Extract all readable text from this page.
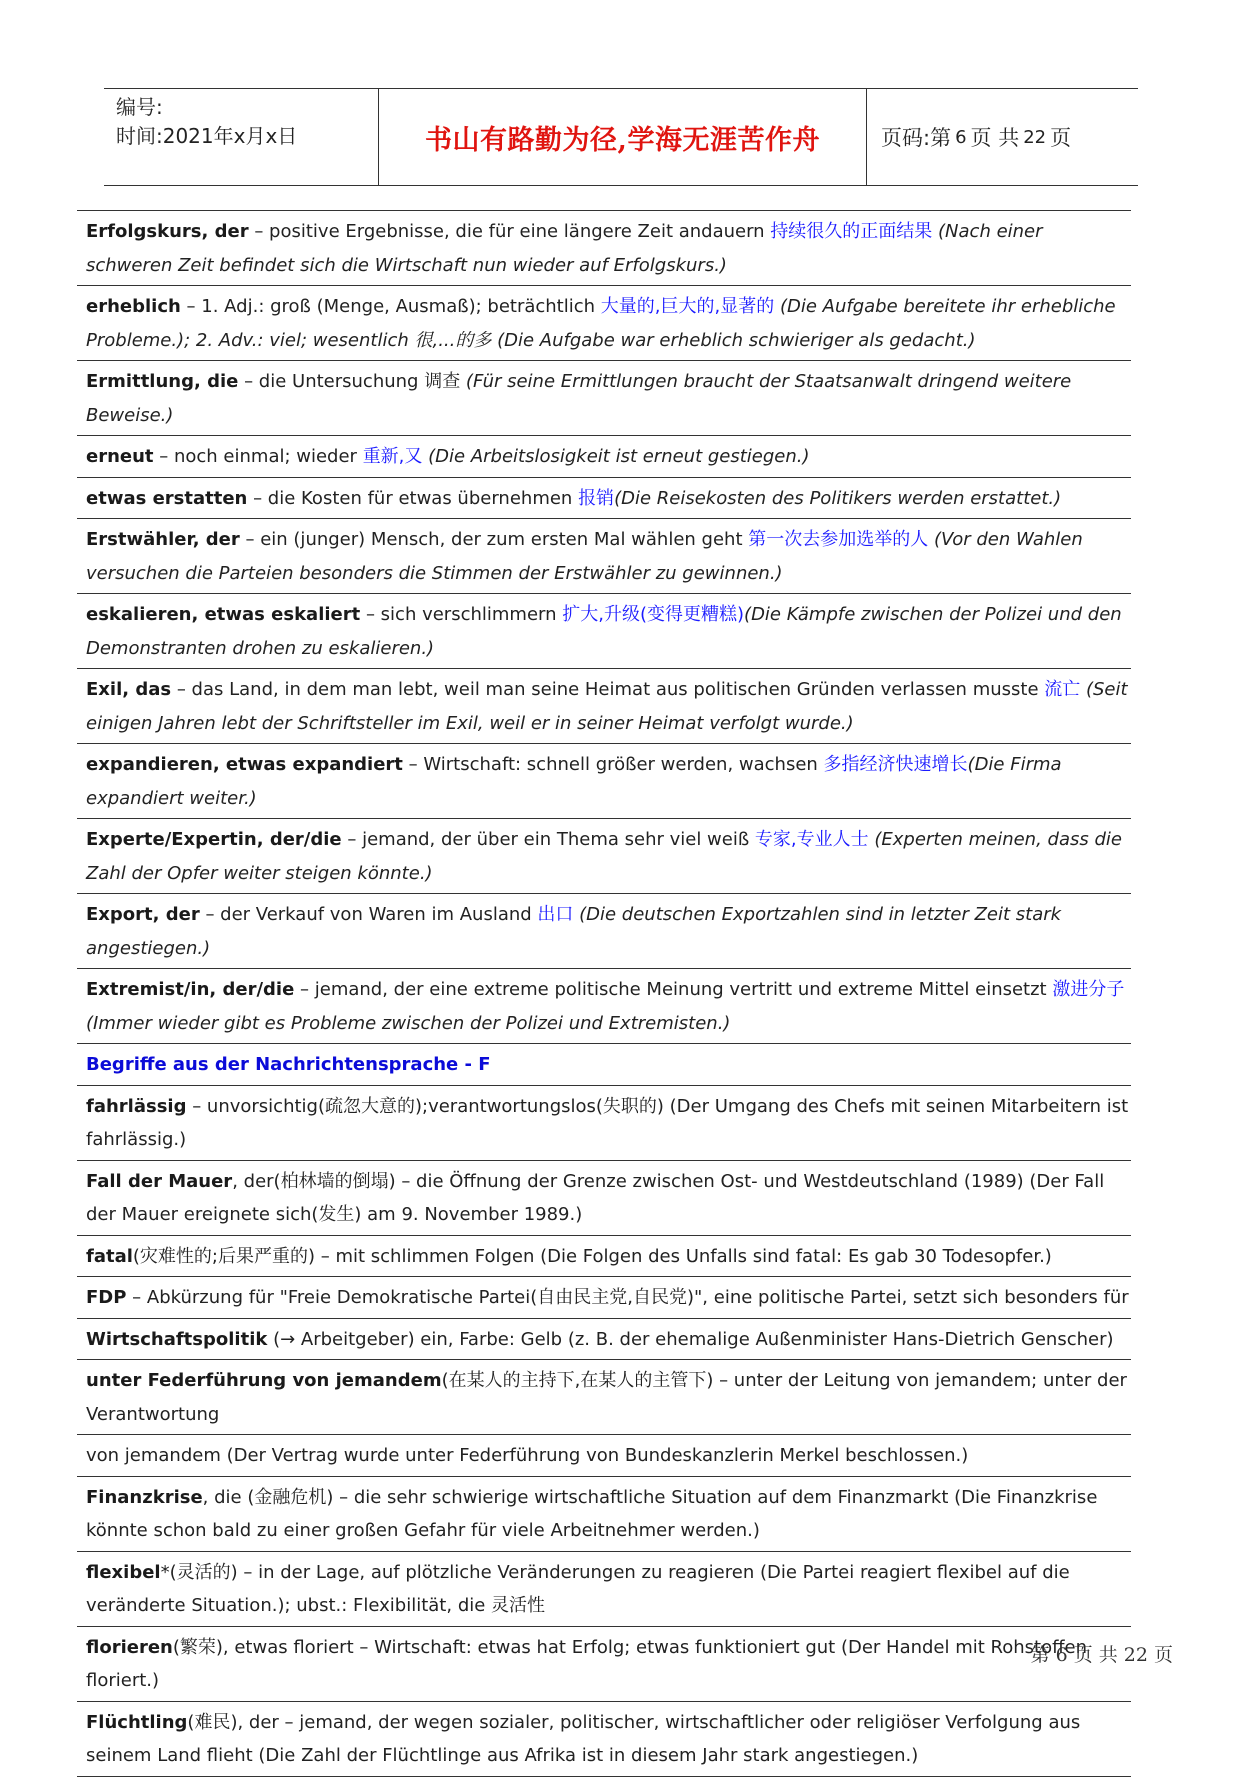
编号:
时间:2021年x月x日	书山有路勤为径,学海无涯苦作舟	页码:第 6 页 共 22 页
Erfolgskurs, der – positive Ergebnisse, die für eine längere Zeit andauern 持续很久的正面结果 (Nach einer schweren Zeit befindet sich die Wirtschaft nun wieder auf Erfolgskurs.)
erheblich – 1. Adj.: groß (Menge, Ausmaß); beträchtlich 大量的,巨大的,显著的 (Die Aufgabe bereitete ihr erhebliche Probleme.); 2. Adv.: viel; wesentlich 很,...的多 (Die Aufgabe war erheblich schwieriger als gedacht.)
Ermittlung, die – die Untersuchung 调查 (Für seine Ermittlungen braucht der Staatsanwalt dringend weitere Beweise.)
erneut – noch einmal; wieder 重新,又 (Die Arbeitslosigkeit ist erneut gestiegen.)
etwas erstatten – die Kosten für etwas übernehmen 报销(Die Reisekosten des Politikers werden erstattet.)
Erstwähler, der – ein (junger) Mensch, der zum ersten Mal wählen geht 第一次去参加选举的人 (Vor den Wahlen versuchen die Parteien besonders die Stimmen der Erstwähler zu gewinnen.)
eskalieren, etwas eskaliert – sich verschlimmern 扩大,升级(变得更糟糕)(Die Kämpfe zwischen der Polizei und den Demonstranten drohen zu eskalieren.)
Exil, das – das Land, in dem man lebt, weil man seine Heimat aus politischen Gründen verlassen musste 流亡 (Seit einigen Jahren lebt der Schriftsteller im Exil, weil er in seiner Heimat verfolgt wurde.)
expandieren, etwas expandiert – Wirtschaft: schnell größer werden, wachsen 多指经济快速增长(Die Firma expandiert weiter.)
Experte/Expertin, der/die – jemand, der über ein Thema sehr viel weiß 专家,专业人士 (Experten meinen, dass die Zahl der Opfer weiter steigen könnte.)
Export, der – der Verkauf von Waren im Ausland 出口 (Die deutschen Exportzahlen sind in letzter Zeit stark angestiegen.)
Extremist/in, der/die – jemand, der eine extreme politische Meinung vertritt und extreme Mittel einsetzt 激进分子 (Immer wieder gibt es Probleme zwischen der Polizei und Extremisten.)
Begriffe aus der Nachrichtensprache - F
fahrlässig – unvorsichtig(疏忽大意的);verantwortungslos(失职的) (Der Umgang des Chefs mit seinen Mitarbeitern ist fahrlässig.)
Fall der Mauer, der(柏林墙的倒塌) – die Öffnung der Grenze zwischen Ost- und Westdeutschland (1989) (Der Fall der Mauer ereignete sich(发生) am 9. November 1989.)
fatal(灾难性的;后果严重的) – mit schlimmen Folgen (Die Folgen des Unfalls sind fatal: Es gab 30 Todesopfer.)
FDP – Abkürzung für "Freie Demokratische Partei(自由民主党,自民党)", eine politische Partei, setzt sich besonders für
Wirtschaftspolitik (→ Arbeitgeber) ein, Farbe: Gelb (z. B. der ehemalige Außenminister Hans-Dietrich Genscher)
unter Federführung von jemandem(在某人的主持下,在某人的主管下) – unter der Leitung von jemandem; unter der Verantwortung
von jemandem (Der Vertrag wurde unter Federführung von Bundeskanzlerin Merkel beschlossen.)
Finanzkrise, die (金融危机) – die sehr schwierige wirtschaftliche Situation auf dem Finanzmarkt (Die Finanzkrise könnte schon bald zu einer großen Gefahr für viele Arbeitnehmer werden.)
flexibel*(灵活的) – in der Lage, auf plötzliche Veränderungen zu reagieren (Die Partei reagiert flexibel auf die veränderte Situation.); ubst.: Flexibilität, die 灵活性
florieren(繁荣), etwas floriert – Wirtschaft: etwas hat Erfolg; etwas funktioniert gut (Der Handel mit Rohstoffen floriert.)
Flüchtling(难民), der – jemand, der wegen sozialer, politischer, wirtschaftlicher oder religiöser Verfolgung aus seinem Land flieht (Die Zahl der Flüchtlinge aus Afrika ist in diesem Jahr stark angestiegen.)
第 6 页 共 22 页
